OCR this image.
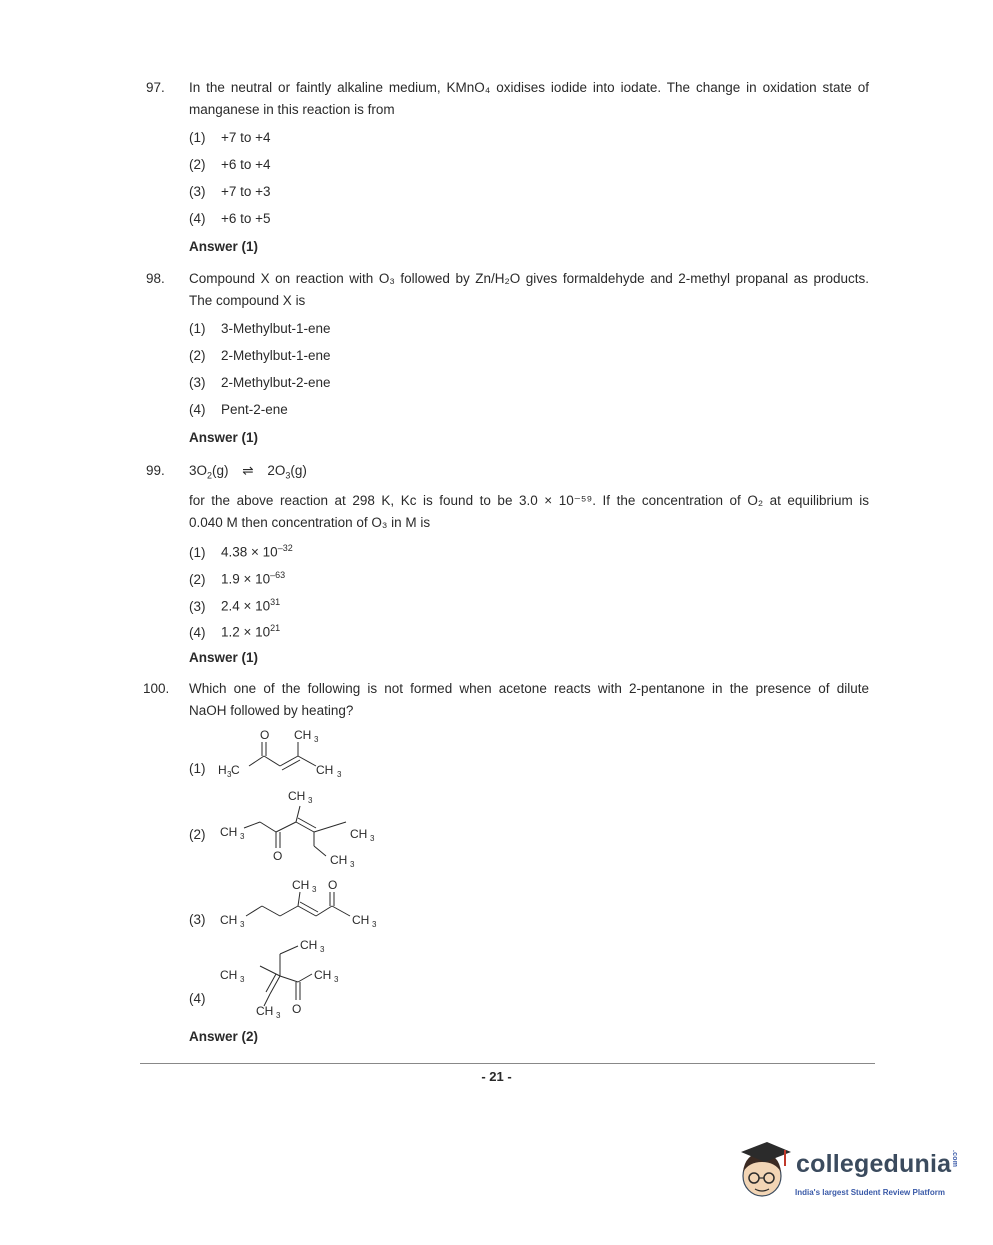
97. In the neutral or faintly alkaline medium, KMnO₄ oxidises iodide into iodate. The change in oxidation state of
manganese in this reaction is from
(1) +7 to +4
(2) +6 to +4
(3) +7 to +3
(4) +6 to +5
Answer (1)
98. Compound X on reaction with O₃ followed by Zn/H₂O gives formaldehyde and 2-methyl propanal as products.
The compound X is
(1) 3-Methylbut-1-ene
(2) 2-Methylbut-1-ene
(3) 2-Methylbut-2-ene
(4) Pent-2-ene
Answer (1)
99. $3O_2(g)$ ⇌ $2O_3(g)$
for the above reaction at 298 K, Kc is found to be 3.0 × 10⁻⁵⁹. If the concentration of O₂ at equilibrium is
0.040 M then concentration of O₃ in M is
(1) $4.38 \times 10^{-32}$
(2) $1.9 \times 10^{-63}$
(3) $2.4 \times 10^{31}$
(4) $1.2 \times 10^{21}$
Answer (1)
100. Which one of the following is not formed when acetone reacts with 2-pentanone in the presence of dilute
NaOH followed by heating?
(1)
(2)
(3)
(4)
H 3 C
O CH 3
CH 3
CH 3
CH 3
O
CH 3
CH 3
CH 3
CH 3 O
CH 3
CH 3
CH 3	CH 3
CH 3 O
Answer (2)
- 21 -
collegedunia.com
India's largest Student Review Platform
